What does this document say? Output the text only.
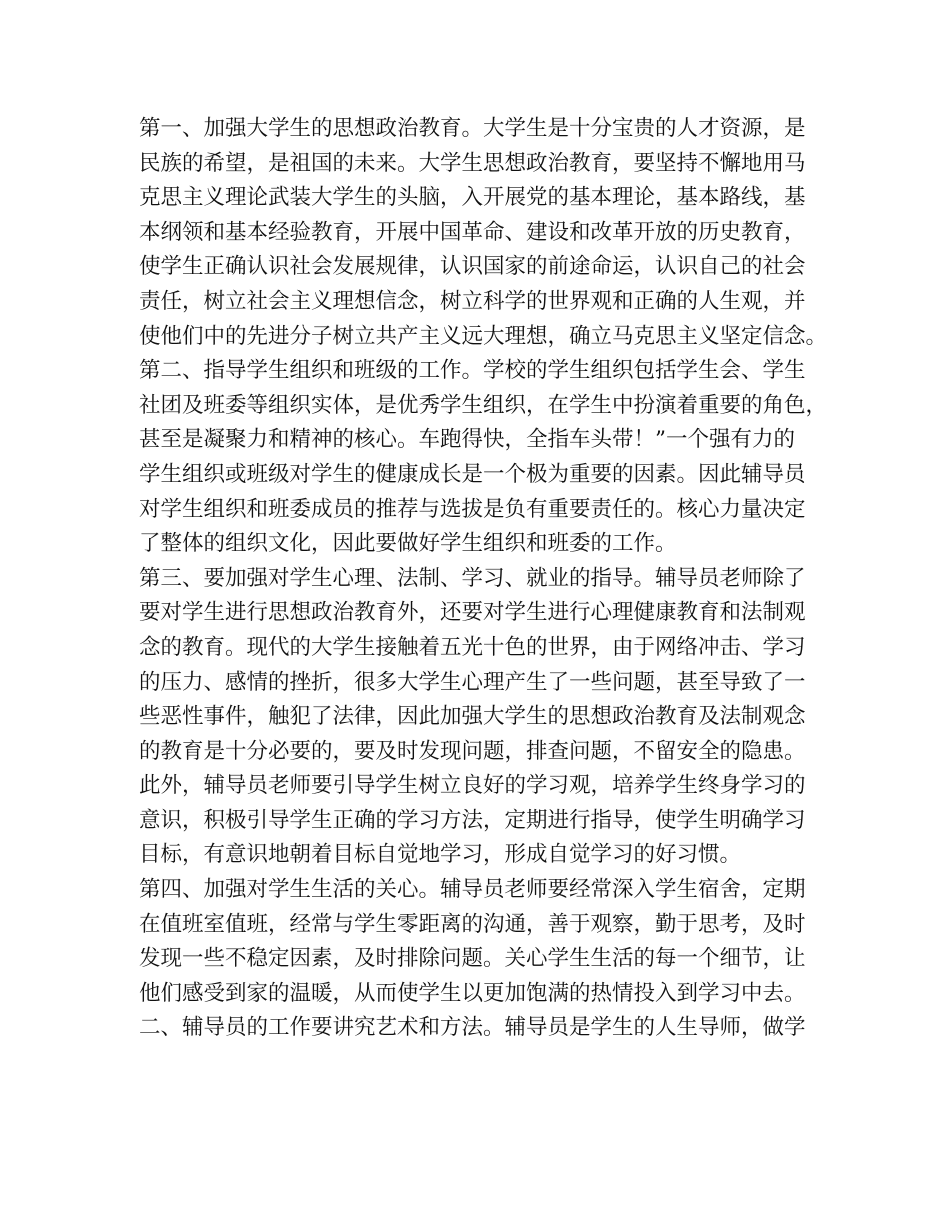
第一、加强大学生的思想政治教育。大学生是十分宝贵的人才资源，是
民族的希望，是祖国的未来。大学生思想政治教育，要坚持不懈地用马
克思主义理论武装大学生的头脑，入开展党的基本理论，基本路线，基
本纲领和基本经验教育，开展中国革命、建设和改革开放的历史教育，
使学生正确认识社会发展规律，认识国家的前途命运，认识自己的社会
责任，树立社会主义理想信念，树立科学的世界观和正确的人生观，并
使他们中的先进分子树立共产主义远大理想，确立马克思主义坚定信念。
第二、指导学生组织和班级的工作。学校的学生组织包括学生会、学生
社团及班委等组织实体，是优秀学生组织，在学生中扮演着重要的角色，
甚至是凝聚力和精神的核心。车跑得快，全指车头带！”一个强有力的
学生组织或班级对学生的健康成长是一个极为重要的因素。因此辅导员
对学生组织和班委成员的推荐与选拔是负有重要责任的。核心力量决定
了整体的组织文化，因此要做好学生组织和班委的工作。
第三、要加强对学生心理、法制、学习、就业的指导。辅导员老师除了
要对学生进行思想政治教育外，还要对学生进行心理健康教育和法制观
念的教育。现代的大学生接触着五光十色的世界，由于网络冲击、学习
的压力、感情的挫折，很多大学生心理产生了一些问题，甚至导致了一
些恶性事件，触犯了法律，因此加强大学生的思想政治教育及法制观念
的教育是十分必要的，要及时发现问题，排查问题，不留安全的隐患。
此外，辅导员老师要引导学生树立良好的学习观，培养学生终身学习的
意识，积极引导学生正确的学习方法，定期进行指导，使学生明确学习
目标，有意识地朝着目标自觉地学习，形成自觉学习的好习惯。
第四、加强对学生生活的关心。辅导员老师要经常深入学生宿舍，定期
在值班室值班，经常与学生零距离的沟通，善于观察，勤于思考，及时
发现一些不稳定因素，及时排除问题。关心学生生活的每一个细节，让
他们感受到家的温暖，从而使学生以更加饱满的热情投入到学习中去。
二、辅导员的工作要讲究艺术和方法。辅导员是学生的人生导师，做学
